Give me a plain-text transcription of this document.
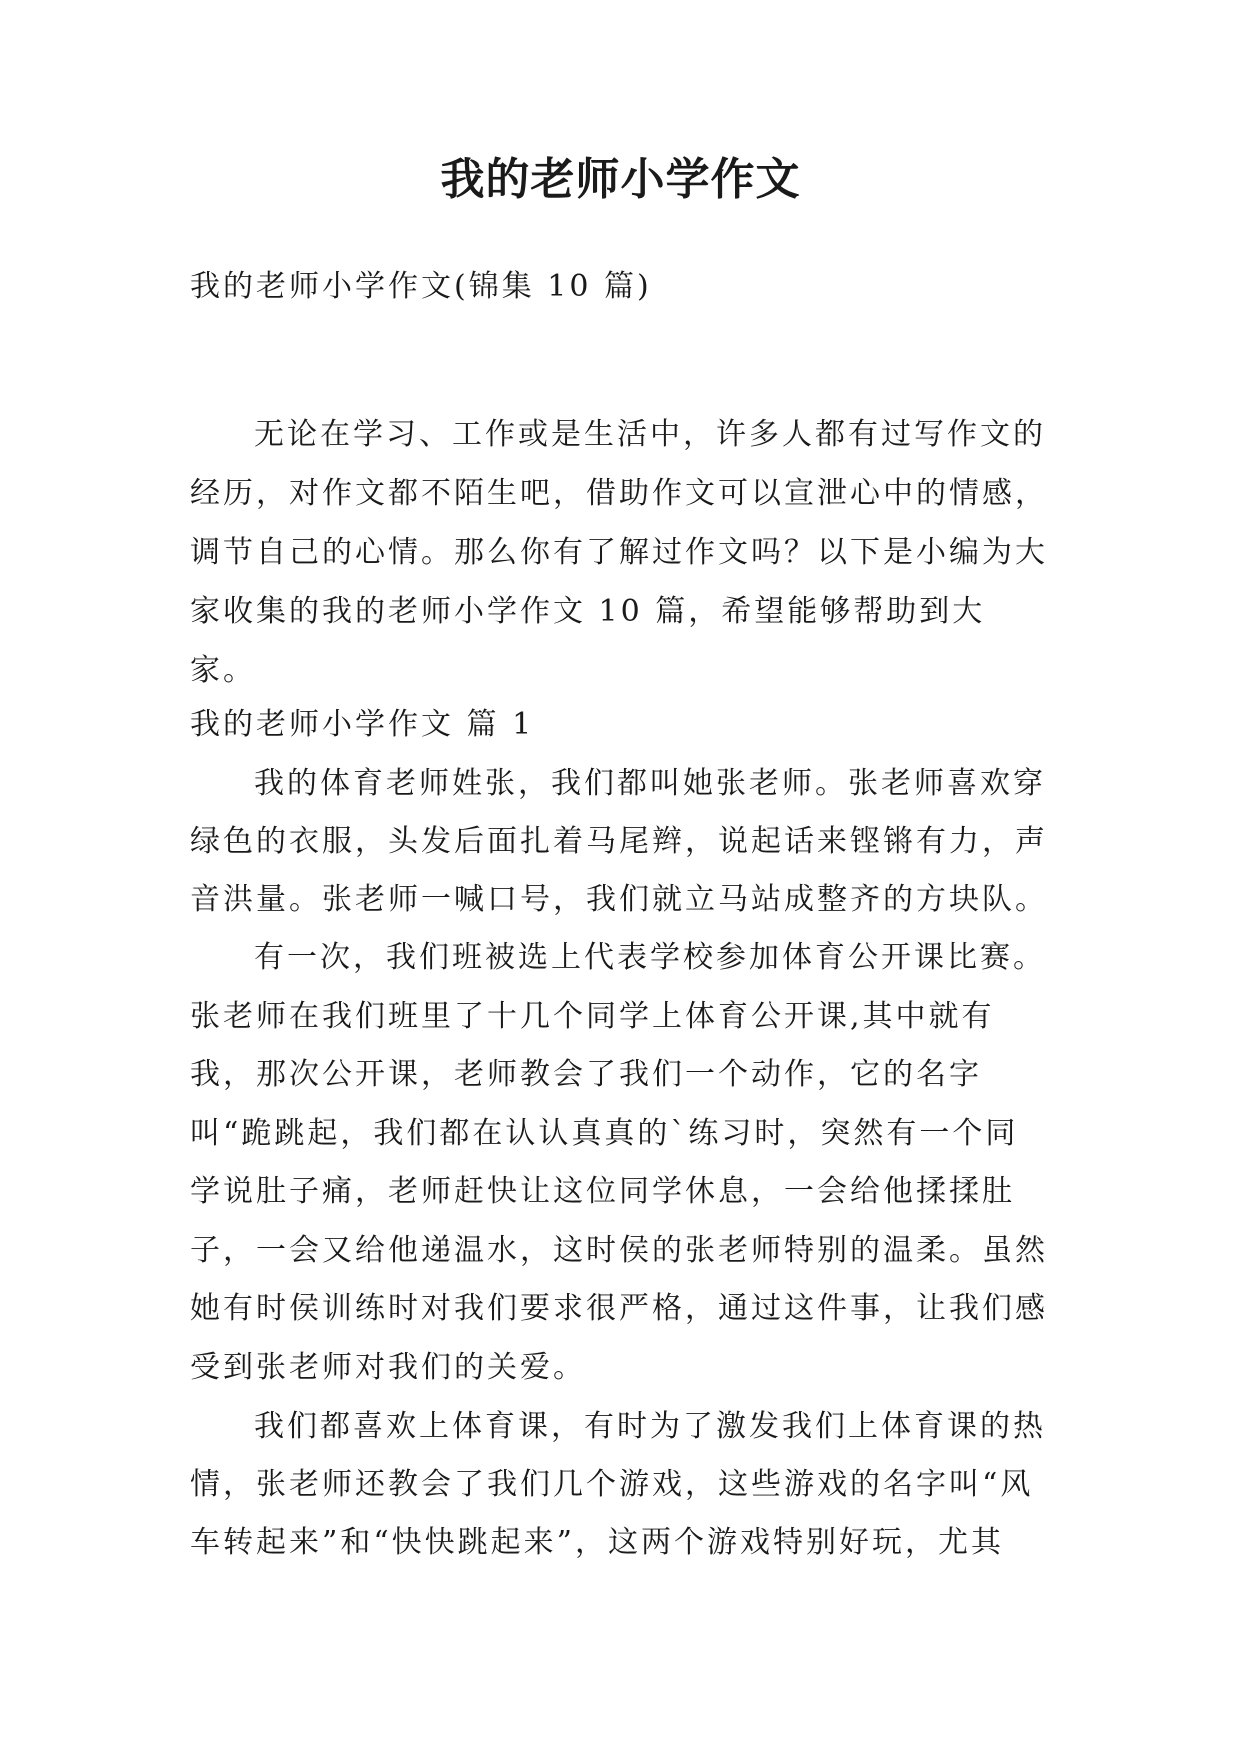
我的老师小学作文

我的老师小学作文(锦集 10 篇)

无论在学习、工作或是生活中，许多人都有过写作文的经历，对作文都不陌生吧，借助作文可以宣泄心中的情感，调节自己的心情。那么你有了解过作文吗？以下是小编为大家收集的我的老师小学作文 10 篇，希望能够帮助到大家。

我的老师小学作文 篇 1

我的体育老师姓张，我们都叫她张老师。张老师喜欢穿绿色的衣服，头发后面扎着马尾辫，说起话来铿锵有力，声音洪量。张老师一喊口号，我们就立马站成整齐的方块队。

有一次，我们班被选上代表学校参加体育公开课比赛。张老师在我们班里了十几个同学上体育公开课,其中就有我，那次公开课，老师教会了我们一个动作，它的名字叫“跪跳起，我们都在认认真真的`练习时，突然有一个同学说肚子痛，老师赶快让这位同学休息，一会给他揉揉肚子，一会又给他递温水，这时侯的张老师特别的温柔。虽然她有时侯训练时对我们要求很严格，通过这件事，让我们感受到张老师对我们的关爱。

我们都喜欢上体育课，有时为了激发我们上体育课的热情，张老师还教会了我们几个游戏，这些游戏的名字叫“风车转起来”和“快快跳起来”，这两个游戏特别好玩，尤其
